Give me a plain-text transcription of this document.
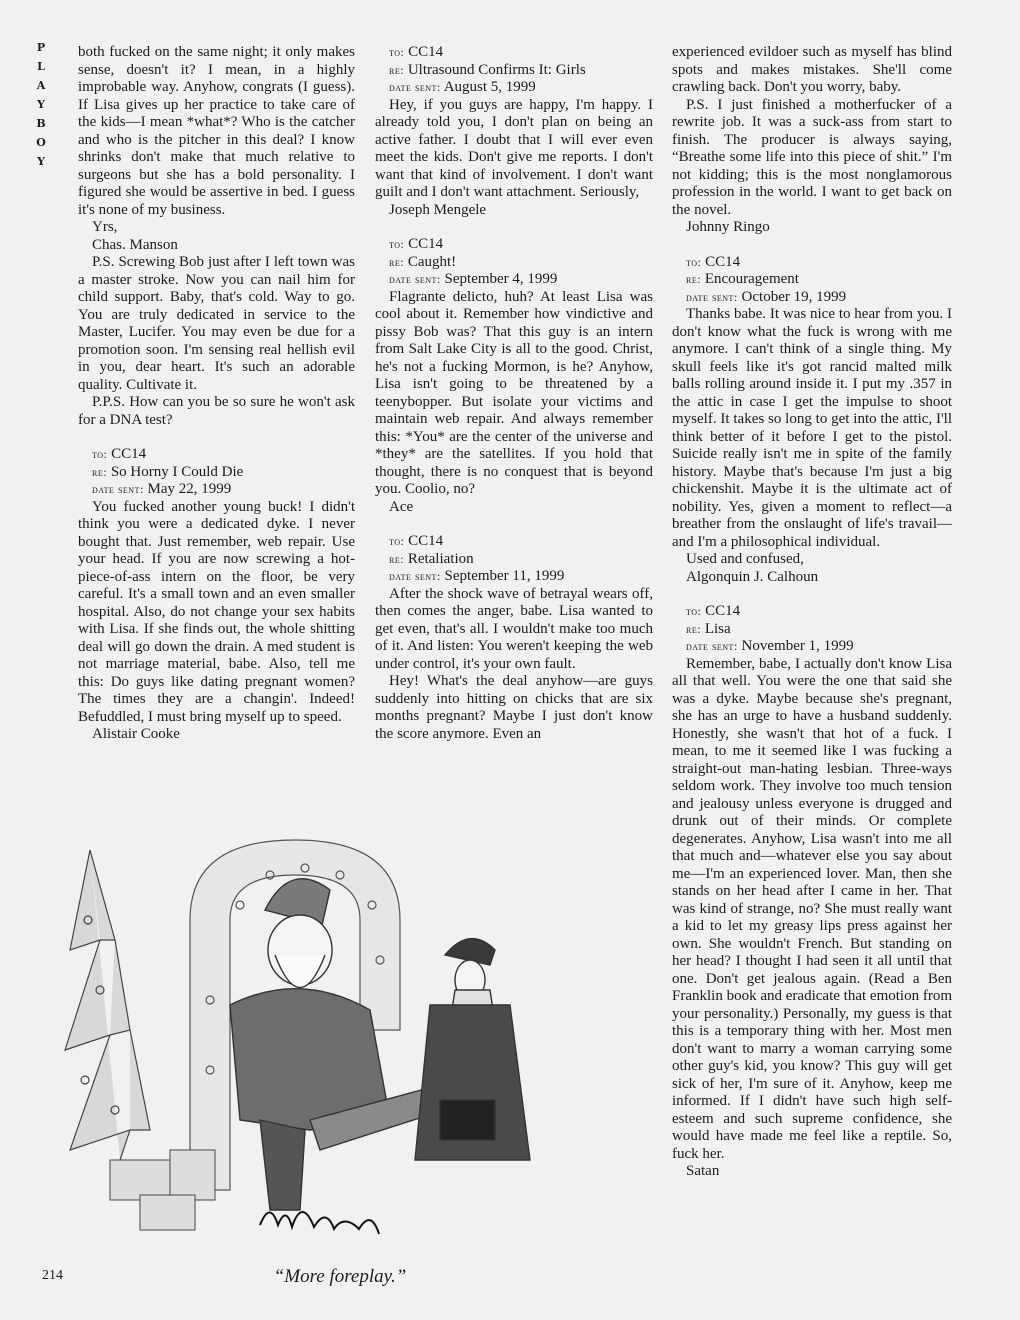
P
L
A
Y
B
O
Y

both fucked on the same night; it only makes sense, doesn't it? I mean, in a highly improbable way. Anyhow, congrats (I guess). If Lisa gives up her practice to take care of the kids—I mean *what*? Who is the catcher and who is the pitcher in this deal? I know shrinks don't make that much relative to surgeons but she has a bold personality. I figured she would be assertive in bed. I guess it's none of my business.

Yrs,

Chas. Manson

P.S. Screwing Bob just after I left town was a master stroke. Now you can nail him for child support. Baby, that's cold. Way to go. You are truly dedicated in service to the Master, Lucifer. You may even be due for a promotion soon. I'm sensing real hellish evil in you, dear heart. It's such an adorable quality. Cultivate it.

P.P.S. How can you be so sure he won't ask for a DNA test?

to: CC14

re: So Horny I Could Die

date sent: May 22, 1999

You fucked another young buck! I didn't think you were a dedicated dyke. I never bought that. Just remember, web repair. Use your head. If you are now screwing a hot-piece-of-ass intern on the floor, be very careful. It's a small town and an even smaller hospital. Also, do not change your sex habits with Lisa. If she finds out, the whole shitting deal will go down the drain. A med student is not marriage material, babe. Also, tell me this: Do guys like dating pregnant women? The times they are a changin'. Indeed! Befuddled, I must bring myself up to speed.

Alistair Cooke

to: CC14

re: Ultrasound Confirms It: Girls

date sent: August 5, 1999

Hey, if you guys are happy, I'm happy. I already told you, I don't plan on being an active father. I doubt that I will ever even meet the kids. Don't give me reports. I don't want that kind of involvement. I don't want guilt and I don't want attachment. Seriously,

Joseph Mengele

to: CC14

re: Caught!

date sent: September 4, 1999

Flagrante delicto, huh? At least Lisa was cool about it. Remember how vindictive and pissy Bob was? That this guy is an intern from Salt Lake City is all to the good. Christ, he's not a fucking Mormon, is he? Anyhow, Lisa isn't going to be threatened by a teenybopper. But isolate your victims and maintain web repair. And always remember this: *You* are the center of the universe and *they* are the satellites. If you hold that thought, there is no conquest that is beyond you. Coolio, no?

Ace

to: CC14

re: Retaliation

date sent: September 11, 1999

After the shock wave of betrayal wears off, then comes the anger, babe. Lisa wanted to get even, that's all. I wouldn't make too much of it. And listen: You weren't keeping the web under control, it's your own fault.

Hey! What's the deal anyhow—are guys suddenly into hitting on chicks that are six months pregnant? Maybe I just don't know the score anymore. Even an

experienced evildoer such as myself has blind spots and makes mistakes. She'll come crawling back. Don't you worry, baby.

P.S. I just finished a motherfucker of a rewrite job. It was a suck-ass from start to finish. The producer is always saying, “Breathe some life into this piece of shit.” I'm not kidding; this is the most nonglamorous profession in the world. I want to get back on the novel.

Johnny Ringo

to: CC14

re: Encouragement

date sent: October 19, 1999

Thanks babe. It was nice to hear from you. I don't know what the fuck is wrong with me anymore. I can't think of a single thing. My skull feels like it's got rancid malted milk balls rolling around inside it. I put my .357 in the attic in case I get the impulse to shoot myself. It takes so long to get into the attic, I'll think better of it before I get to the pistol. Suicide really isn't me in spite of the family history. Maybe that's because I'm just a big chickenshit. Maybe it is the ultimate act of nobility. Yes, given a moment to reflect—a breather from the onslaught of life's travail—and I'm a philosophical individual.

Used and confused,

Algonquin J. Calhoun

to: CC14

re: Lisa

date sent: November 1, 1999

Remember, babe, I actually don't know Lisa all that well. You were the one that said she was a dyke. Maybe because she's pregnant, she has an urge to have a husband suddenly. Honestly, she wasn't that hot of a fuck. I mean, to me it seemed like I was fucking a straight-out man-hating lesbian. Three-ways seldom work. They involve too much tension and jealousy unless everyone is drugged and drunk out of their minds. Or complete degenerates. Anyhow, Lisa wasn't into me all that much and—whatever else you say about me—I'm an experienced lover. Man, then she stands on her head after I came in her. That was kind of strange, no? She must really want a kid to let my greasy lips press against her own. She wouldn't French. But standing on her head? I thought I had seen it all until that one. Don't get jealous again. (Read a Ben Franklin book and eradicate that emotion from your personality.) Personally, my guess is that this is a temporary thing with her. Most men don't want to marry a woman carrying some other guy's kid, you know? This guy will get sick of her, I'm sure of it. Anyhow, keep me informed. If I didn't have such high self-esteem and such supreme confidence, she would have made me feel like a reptile. So, fuck her.

Satan

“More foreplay.”
214
